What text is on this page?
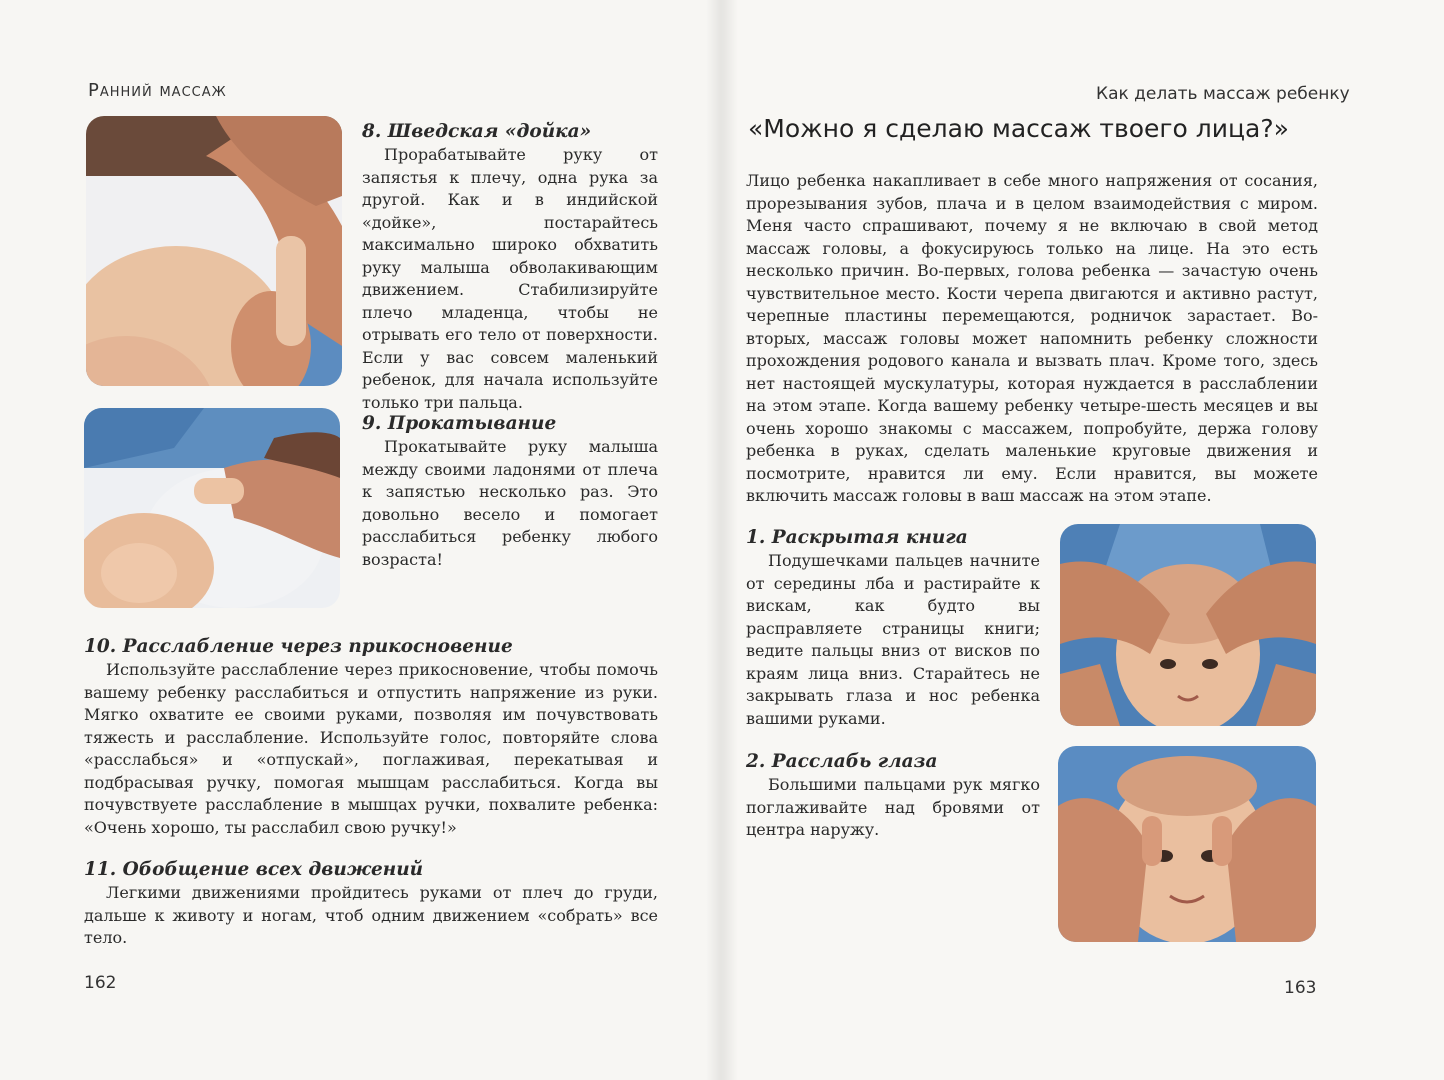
Ранний массаж	Как делать массаж ребенку

8. Шведская «дойка»

Прорабатывайте руку от запястья к плечу, одна рука за другой. Как и в индийской «дойке», постарайтесь максимально широко обхватить руку малыша обволакивающим движением. Стабилизируйте плечо младенца, чтобы не отрывать его тело от поверхности. Если у вас совсем маленький ребенок, для начала используйте только три пальца.

9. Прокатывание

Прокатывайте руку малыша между своими ладонями от плеча к запястью несколько раз. Это довольно весело и помогает расслабиться ребенку любого возраста!

10. Расслабление через прикосновение

Используйте расслабление через прикосновение, чтобы помочь вашему ребенку расслабиться и отпустить напряжение из руки. Мягко охватите ее своими руками, позволяя им почувствовать тяжесть и расслабление. Используйте голос, повторяйте слова «расслабься» и «отпускай», поглаживая, перекатывая и подбрасывая ручку, помогая мышцам расслабиться. Когда вы почувствуете расслабление в мышцах ручки, похвалите ребенка: «Очень хорошо, ты расслабил свою ручку!»

11. Обобщение всех движений

Легкими движениями пройдитесь руками от плеч до груди, дальше к животу и ногам, чтоб одним движением «собрать» все тело.

162
«Можно я сделаю массаж твоего лица?»

Лицо ребенка накапливает в себе много напряжения от сосания, прорезывания зубов, плача и в целом взаимодействия с миром. Меня часто спрашивают, почему я не включаю в свой метод массаж головы, а фокусируюсь только на лице. На это есть несколько причин. Во-первых, голова ребенка — зачастую очень чувствительное место. Кости черепа двигаются и активно растут, черепные пластины перемещаются, родничок зарастает. Во-вторых, массаж головы может напомнить ребенку сложности прохождения родового канала и вызвать плач. Кроме того, здесь нет настоящей мускулатуры, которая нуждается в расслаблении на этом этапе. Когда вашему ребенку четыре-шесть месяцев и вы очень хорошо знакомы с массажем, попробуйте, держа голову ребенка в руках, сделать маленькие круговые движения и посмотрите, нравится ли ему. Если нравится, вы можете включить массаж головы в ваш массаж на этом этапе.

1. Раскрытая книга

Подушечками пальцев начните от середины лба и растирайте к вискам, как будто вы расправляете страницы книги; ведите пальцы вниз от висков по краям лица вниз. Старайтесь не закрывать глаза и нос ребенка вашими руками.

2. Расслабь глаза

Большими пальцами рук мягко поглаживайте над бровями от центра наружу.

163
